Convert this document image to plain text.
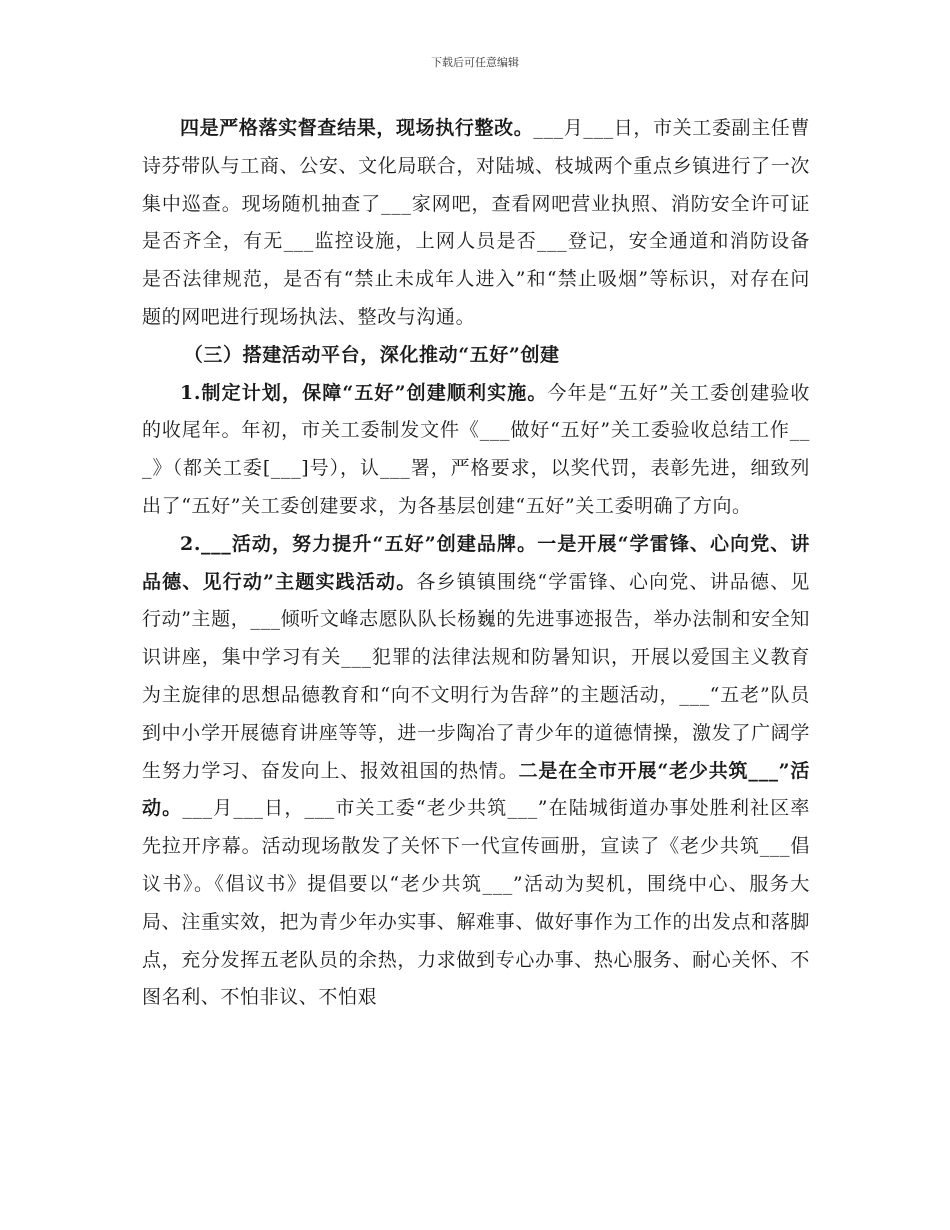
下载后可任意编辑

四是严格落实督查结果，现场执行整改。___月___日，市关工委副主任曹诗芬带队与工商、公安、文化局联合，对陆城、枝城两个重点乡镇进行了一次集中巡查。现场随机抽查了___家网吧，查看网吧营业执照、消防安全许可证是否齐全，有无___监控设施，上网人员是否___登记，安全通道和消防设备是否法律规范，是否有“禁止未成年人进入”和“禁止吸烟”等标识，对存在问题的网吧进行现场执法、整改与沟通。

（三）搭建活动平台，深化推动“五好”创建

1.制定计划，保障“五好”创建顺利实施。今年是“五好”关工委创建验收的收尾年。年初，市关工委制发文件《___做好“五好”关工委验收总结工作___》（都关工委[___]号），认___署，严格要求，以奖代罚，表彰先进，细致列出了“五好”关工委创建要求，为各基层创建“五好”关工委明确了方向。

2.___活动，努力提升“五好”创建品牌。一是开展“学雷锋、心向党、讲品德、见行动”主题实践活动。各乡镇镇围绕“学雷锋、心向党、讲品德、见行动”主题，___倾听文峰志愿队队长杨巍的先进事迹报告，举办法制和安全知识讲座，集中学习有关___犯罪的法律法规和防暑知识，开展以爱国主义教育为主旋律的思想品德教育和“向不文明行为告辞”的主题活动，___“五老”队员到中小学开展德育讲座等等，进一步陶冶了青少年的道德情操，激发了广阔学生努力学习、奋发向上、报效祖国的热情。二是在全市开展“老少共筑___”活动。___月___日，___市关工委“老少共筑___”在陆城街道办事处胜利社区率先拉开序幕。活动现场散发了关怀下一代宣传画册，宣读了《老少共筑___倡议书》。《倡议书》提倡要以“老少共筑___”活动为契机，围绕中心、服务大局、注重实效，把为青少年办实事、解难事、做好事作为工作的出发点和落脚点，充分发挥五老队员的余热，力求做到专心办事、热心服务、耐心关怀、不图名利、不怕非议、不怕艰
